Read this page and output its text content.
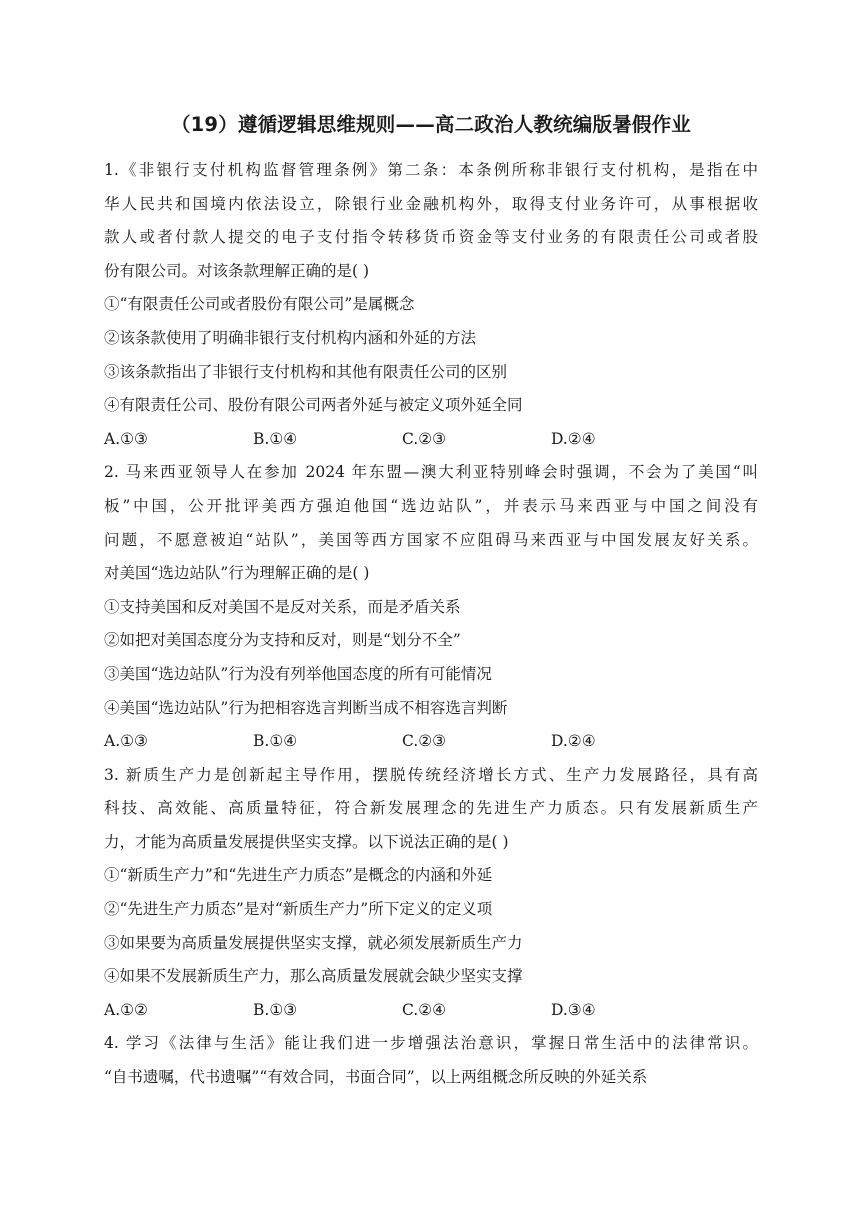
（19）遵循逻辑思维规则——高二政治人教统编版暑假作业
1.《非银行支付机构监督管理条例》第二条：本条例所称非银行支付机构，是指在中
华人民共和国境内依法设立，除银行业金融机构外，取得支付业务许可，从事根据收
款人或者付款人提交的电子支付指令转移货币资金等支付业务的有限责任公司或者股
份有限公司。对该条款理解正确的是( )
①“有限责任公司或者股份有限公司”是属概念
②该条款使用了明确非银行支付机构内涵和外延的方法
③该条款指出了非银行支付机构和其他有限责任公司的区别
④有限责任公司、股份有限公司两者外延与被定义项外延全同
A.①③	B.①④	C.②③	D.②④
2. 马来西亚领导人在参加 2024 年东盟—澳大利亚特别峰会时强调，不会为了美国“叫
板”中国，公开批评美西方强迫他国“选边站队”，并表示马来西亚与中国之间没有
问题，不愿意被迫“站队”，美国等西方国家不应阻碍马来西亚与中国发展友好关系。
对美国“选边站队”行为理解正确的是( )
①支持美国和反对美国不是反对关系，而是矛盾关系
②如把对美国态度分为支持和反对，则是“划分不全”
③美国“选边站队”行为没有列举他国态度的所有可能情况
④美国“选边站队”行为把相容选言判断当成不相容选言判断
A.①③	B.①④	C.②③	D.②④
3. 新质生产力是创新起主导作用，摆脱传统经济增长方式、生产力发展路径，具有高
科技、高效能、高质量特征，符合新发展理念的先进生产力质态。只有发展新质生产
力，才能为高质量发展提供坚实支撑。以下说法正确的是( )
①“新质生产力”和“先进生产力质态”是概念的内涵和外延
②“先进生产力质态”是对“新质生产力”所下定义的定义项
③如果要为高质量发展提供坚实支撑，就必须发展新质生产力
④如果不发展新质生产力，那么高质量发展就会缺少坚实支撑
A.①②	B.①③	C.②④	D.③④
4. 学习《法律与生活》能让我们进一步增强法治意识，掌握日常生活中的法律常识。
“自书遗嘱，代书遗嘱”“有效合同，书面合同”，以上两组概念所反映的外延关系
